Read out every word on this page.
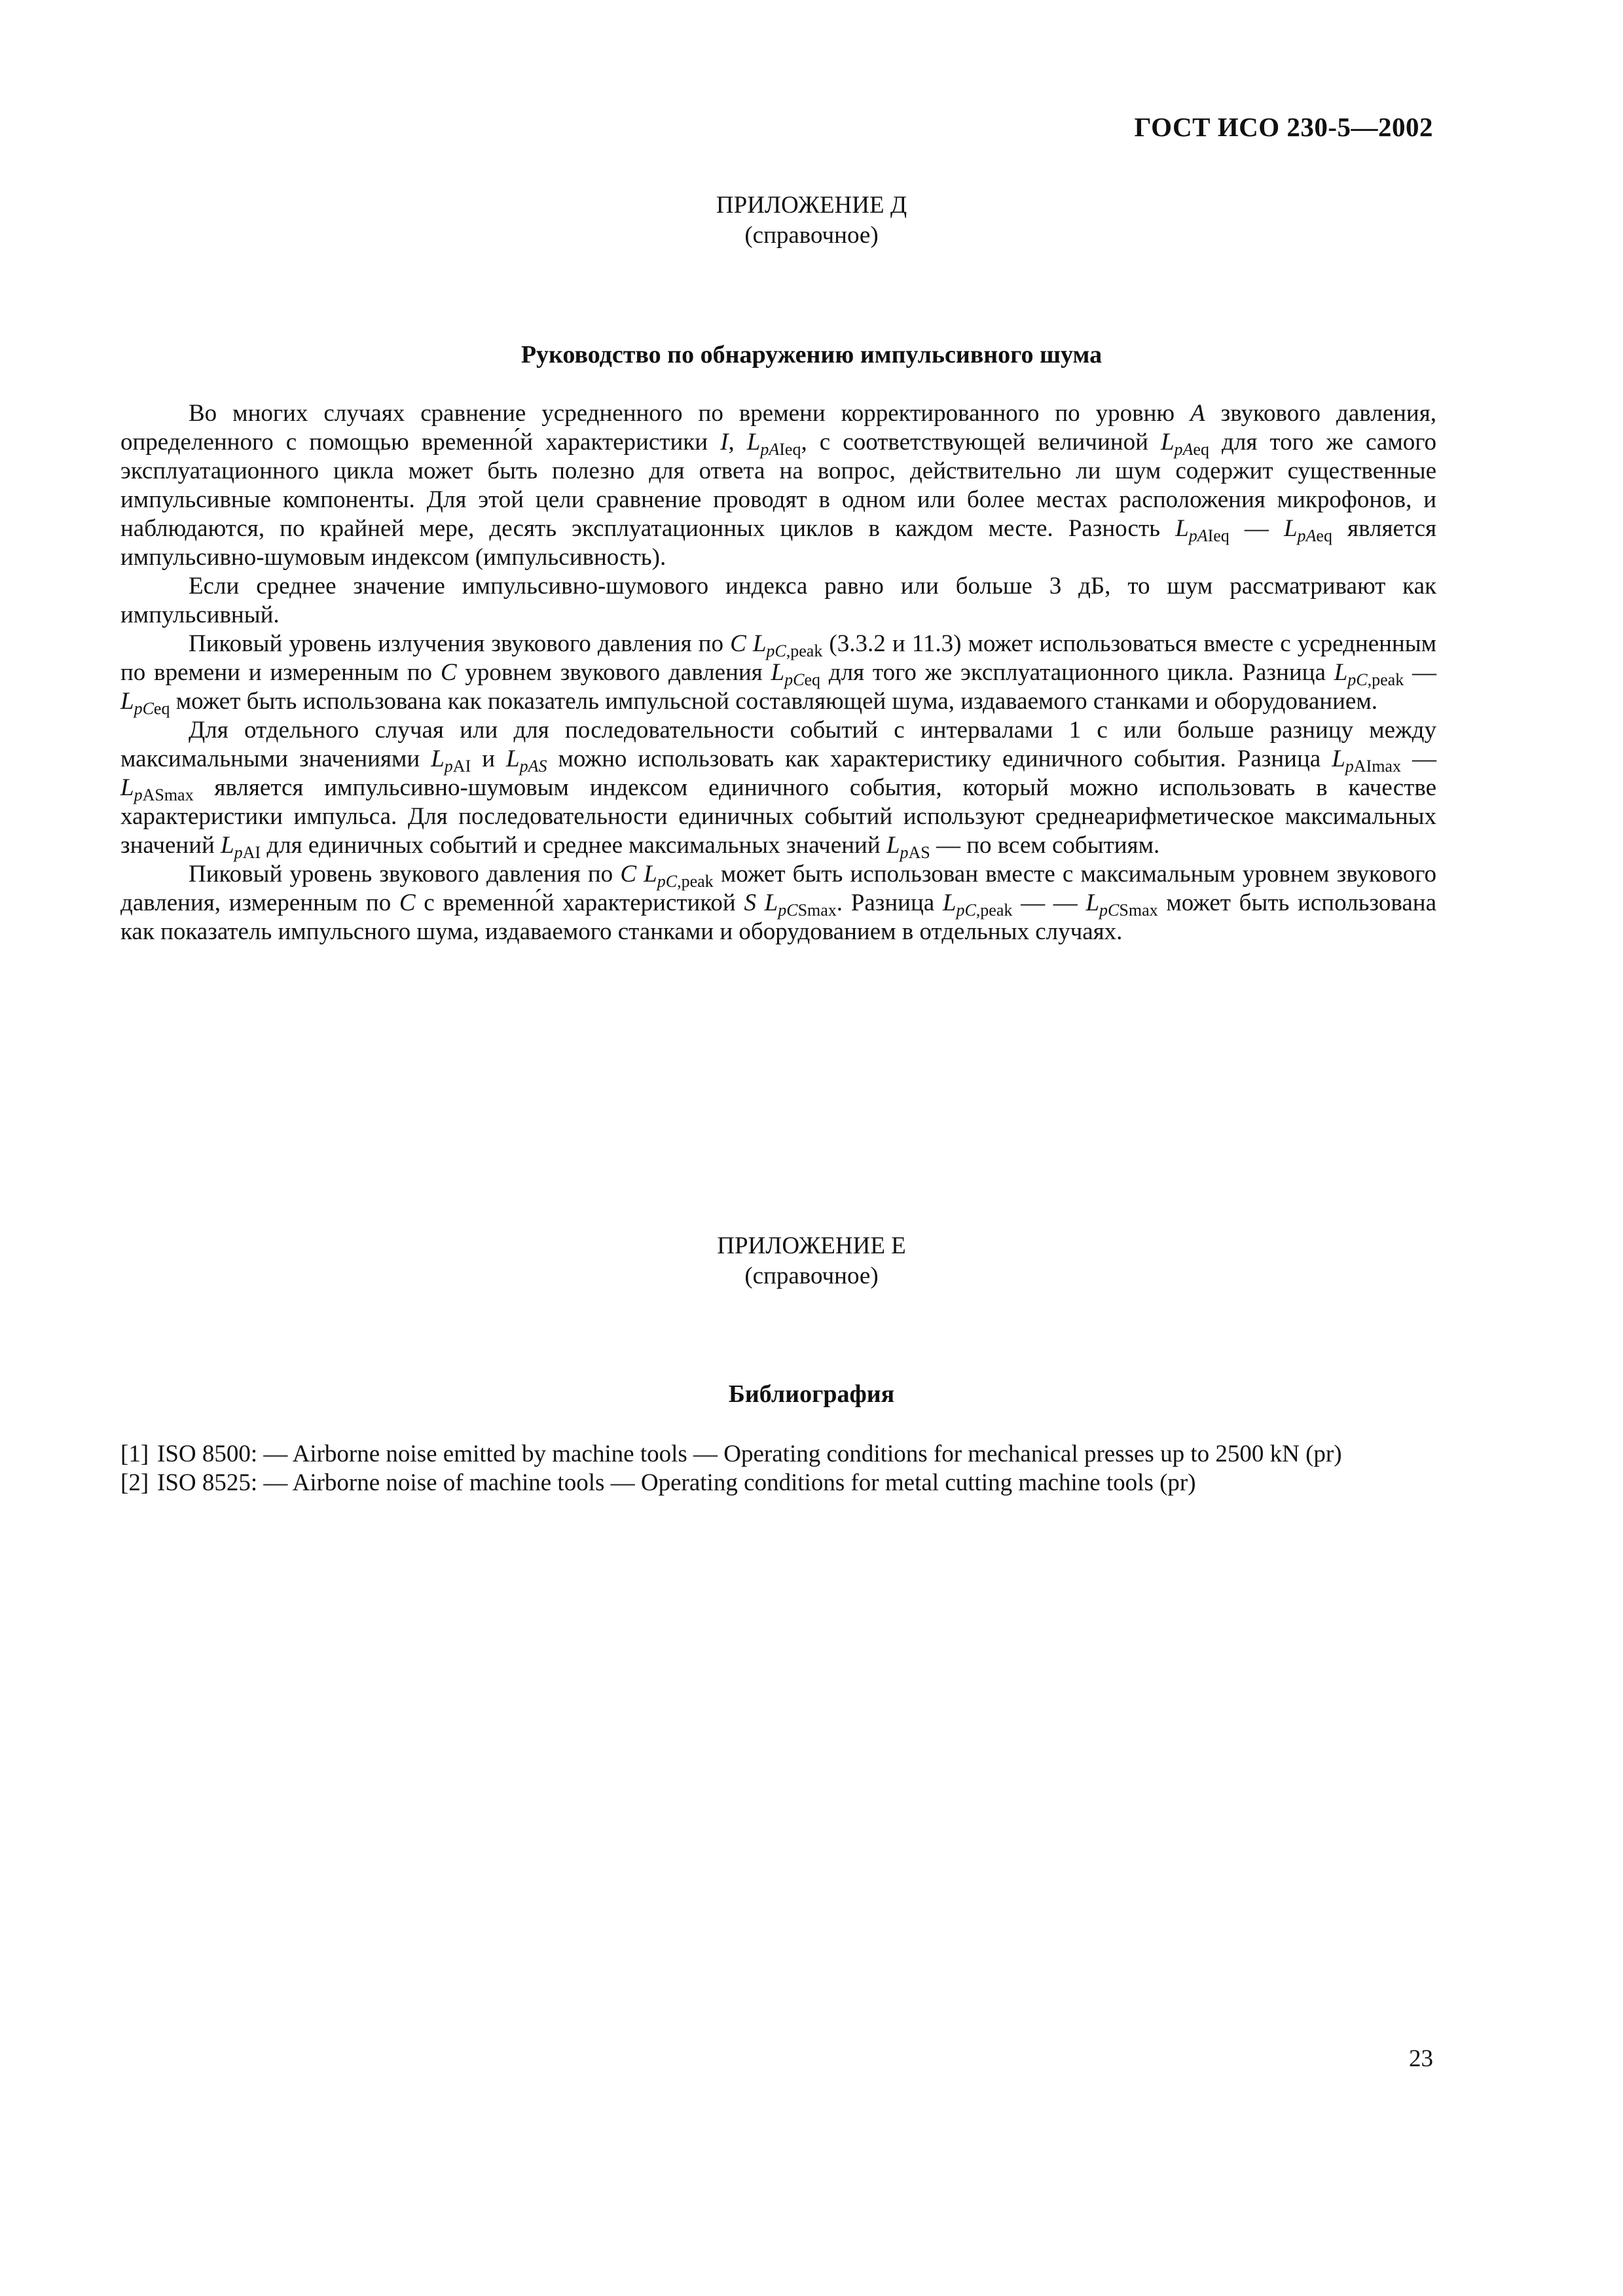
ГОСТ ИСО 230-5—2002
ПРИЛОЖЕНИЕ Д
(справочное)
Руководство по обнаружению импульсивного шума

Во многих случаях сравнение усредненного по времени корректированного по уровню A звукового давления, определенного с помощью временно́й характеристики I, $L_{pAIeq}$, с соответствующей величиной $L_{pAeq}$ для того же самого эксплуатационного цикла может быть полезно для ответа на вопрос, действительно ли шум содержит существенные импульсивные компоненты. Для этой цели сравнение проводят в одном или более местах расположения микрофонов, и наблюдаются, по крайней мере, десять эксплуатационных циклов в каждом месте. Разность $L_{pAIeq}$ — $L_{pAeq}$ является импульсивно-шумовым индексом (импульсивность).

Если среднее значение импульсивно-шумового индекса равно или больше 3 дБ, то шум рассматривают как импульсивный.

Пиковый уровень излучения звукового давления по C $L_{pC,peak}$ (3.3.2 и 11.3) может использоваться вместе с усредненным по времени и измеренным по C уровнем звукового давления $L_{pCeq}$ для того же эксплуатационного цикла. Разница $L_{pC,peak}$ — $L_{pCeq}$ может быть использована как показатель импульсной составляющей шума, издаваемого станками и оборудованием.

Для отдельного случая или для последовательности событий с интервалами 1 с или больше разницу между максимальными значениями $L_{pAI}$ и $L_{pAS}$ можно использовать как характеристику единичного события. Разница $L_{pAImax}$ — $L_{pASmax}$ является импульсивно-шумовым индексом единичного события, который можно использовать в качестве характеристики импульса. Для последовательности единичных событий используют среднеарифметическое максимальных значений $L_{pAI}$ для единичных событий и среднее максимальных значений $L_{pAS}$ — по всем событиям.

Пиковый уровень звукового давления по C $L_{pC,peak}$ может быть использован вместе с максимальным уровнем звукового давления, измеренным по C с временно́й характеристикой S $L_{pCSmax}$. Разница $L_{pC,peak}$ — — $L_{pCSmax}$ может быть использована как показатель импульсного шума, издаваемого станками и оборудованием в отдельных случаях.

ПРИЛОЖЕНИЕ Е
(справочное)
Библиография
[1] ISO 8500: — Airborne noise emitted by machine tools — Operating conditions for mechanical presses up to 2500 kN (pr)
[2] ISO 8525: — Airborne noise of machine tools — Operating conditions for metal cutting machine tools (pr)
23
